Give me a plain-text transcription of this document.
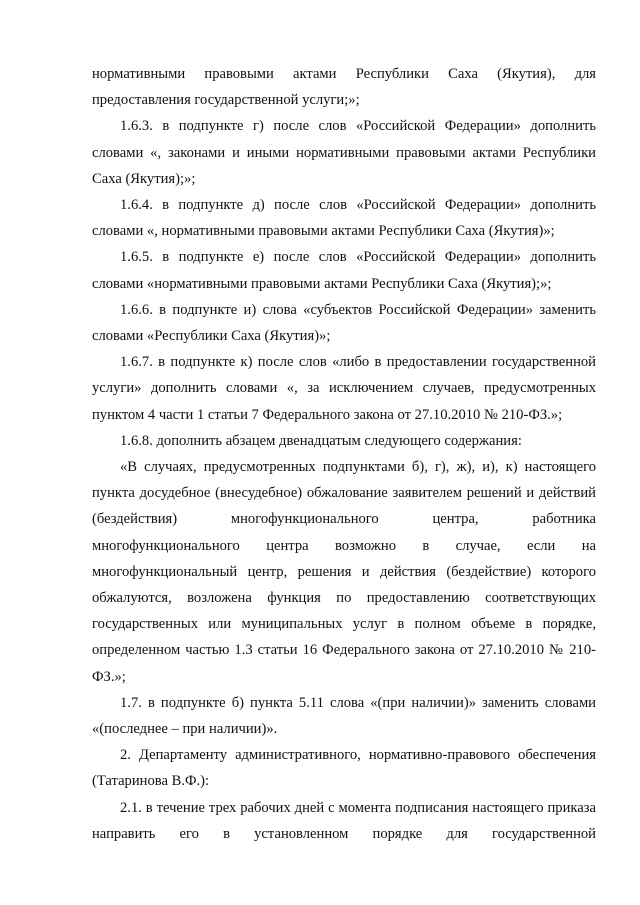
нормативными правовыми актами Республики Саха (Якутия), для предоставления государственной услуги;»;

1.6.3. в подпункте г) после слов «Российской Федерации» дополнить словами «, законами и иными нормативными правовыми актами Республики Саха (Якутия);»;

1.6.4. в подпункте д) после слов «Российской Федерации» дополнить словами «, нормативными правовыми актами Республики Саха (Якутия)»;

1.6.5. в подпункте е) после слов «Российской Федерации» дополнить словами «нормативными правовыми актами Республики Саха (Якутия);»;

1.6.6. в подпункте и) слова «субъектов Российской Федерации» заменить словами «Республики Саха (Якутия)»;

1.6.7. в подпункте к) после слов «либо в предоставлении государственной услуги» дополнить словами «, за исключением случаев, предусмотренных пунктом 4 части 1 статьи 7 Федерального закона от 27.10.2010 № 210-ФЗ.»;

1.6.8. дополнить абзацем двенадцатым следующего содержания:

«В случаях, предусмотренных подпунктами б), г), ж), и), к) настоящего пункта досудебное (внесудебное) обжалование заявителем решений и действий (бездействия) многофункционального центра, работника многофункционального центра возможно в случае, если на многофункциональный центр, решения и действия (бездействие) которого обжалуются, возложена функция по предоставлению соответствующих государственных или муниципальных услуг в полном объеме в порядке, определенном частью 1.3 статьи 16 Федерального закона от 27.10.2010 № 210-ФЗ.»;

1.7. в подпункте б) пункта 5.11 слова «(при наличии)» заменить словами «(последнее – при наличии)».

2. Департаменту административного, нормативно-правового обеспечения (Татаринова В.Ф.):

2.1. в течение трех рабочих дней с момента подписания настоящего приказа направить его в установленном порядке для государственной
